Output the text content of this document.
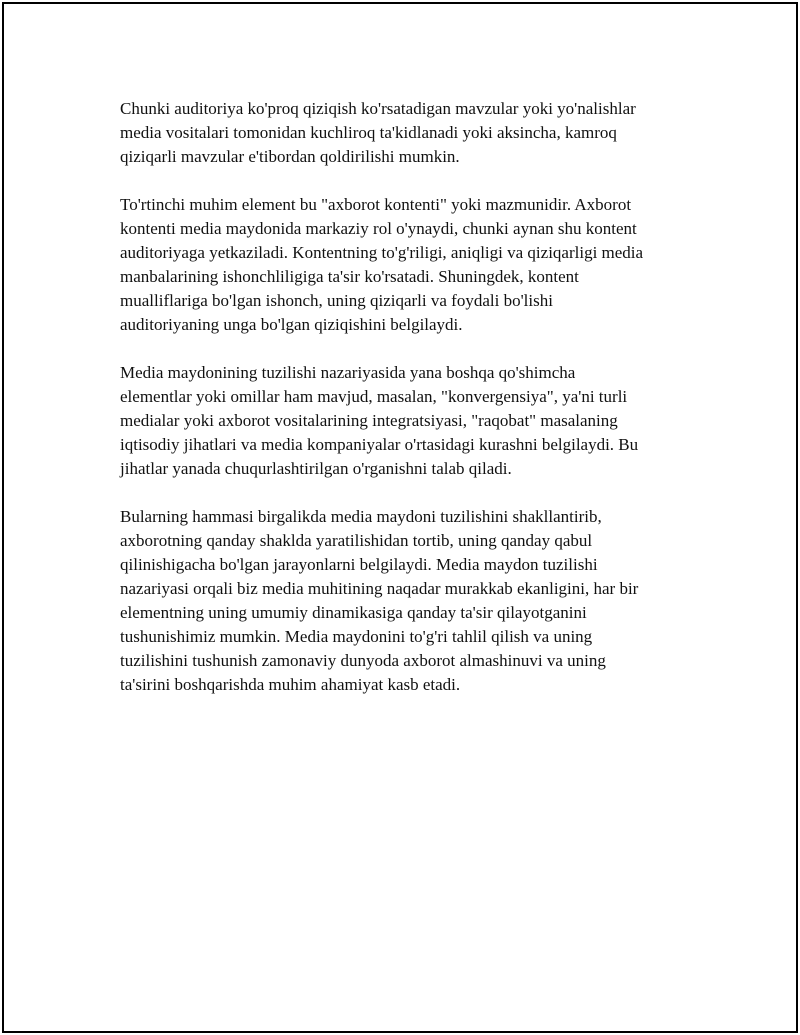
Chunki auditoriya ko'proq qiziqish ko'rsatadigan mavzular yoki yo'nalishlar
media vositalari tomonidan kuchliroq ta'kidlanadi yoki aksincha, kamroq
qiziqarli mavzular e'tibordan qoldirilishi mumkin.

To'rtinchi muhim element bu "axborot kontenti" yoki mazmunidir. Axborot
kontenti media maydonida markaziy rol o'ynaydi, chunki aynan shu kontent
auditoriyaga yetkaziladi. Kontentning to'g'riligi, aniqligi va qiziqarligi media
manbalarining ishonchliligiga ta'sir ko'rsatadi. Shuningdek, kontent
mualliflariga bo'lgan ishonch, uning qiziqarli va foydali bo'lishi
auditoriyaning unga bo'lgan qiziqishini belgilaydi.

Media maydonining tuzilishi nazariyasida yana boshqa qo'shimcha
elementlar yoki omillar ham mavjud, masalan, "konvergensiya", ya'ni turli
medialar yoki axborot vositalarining integratsiyasi, "raqobat" masalaning
iqtisodiy jihatlari va media kompaniyalar o'rtasidagi kurashni belgilaydi. Bu
jihatlar yanada chuqurlashtirilgan o'rganishni talab qiladi.

Bularning hammasi birgalikda media maydoni tuzilishini shakllantirib,
axborotning qanday shaklda yaratilishidan tortib, uning qanday qabul
qilinishigacha bo'lgan jarayonlarni belgilaydi. Media maydon tuzilishi
nazariyasi orqali biz media muhitining naqadar murakkab ekanligini, har bir
elementning uning umumiy dinamikasiga qanday ta'sir qilayotganini
tushunishimiz mumkin. Media maydonini to'g'ri tahlil qilish va uning
tuzilishini tushunish zamonaviy dunyoda axborot almashinuvi va uning
ta'sirini boshqarishda muhim ahamiyat kasb etadi.
